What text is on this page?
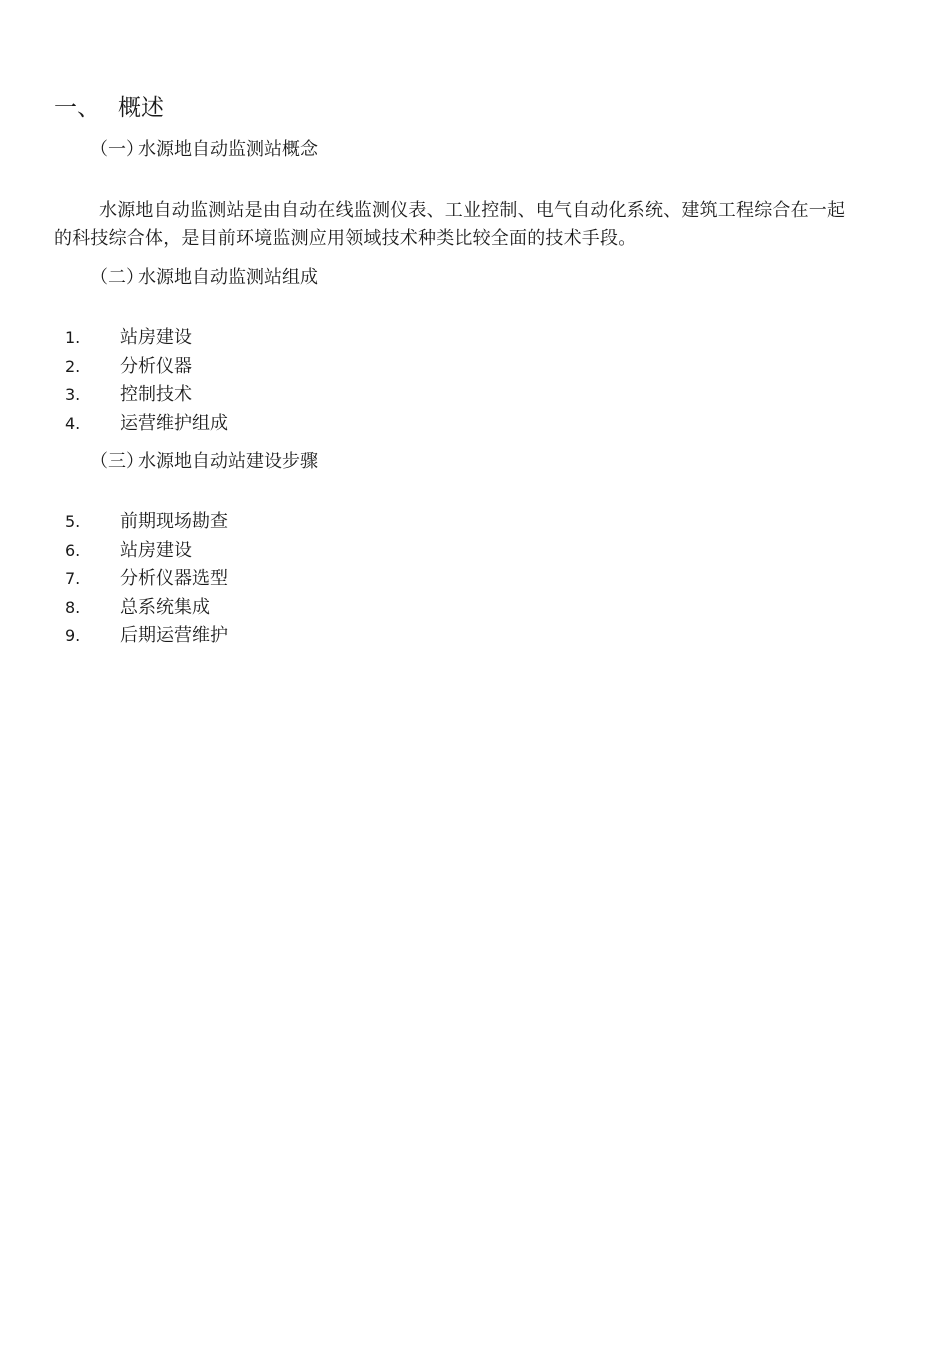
一、 概述
（一）水源地自动监测站概念
水源地自动监测站是由自动在线监测仪表、工业控制、电气自动化系统、建筑工程综合在一起的科技综合体，是目前环境监测应用领域技术种类比较全面的技术手段。
（二）水源地自动监测站组成
1. 站房建设
2. 分析仪器
3. 控制技术
4. 运营维护组成
（三）水源地自动站建设步骤
5. 前期现场勘查
6. 站房建设
7. 分析仪器选型
8. 总系统集成
9. 后期运营维护
